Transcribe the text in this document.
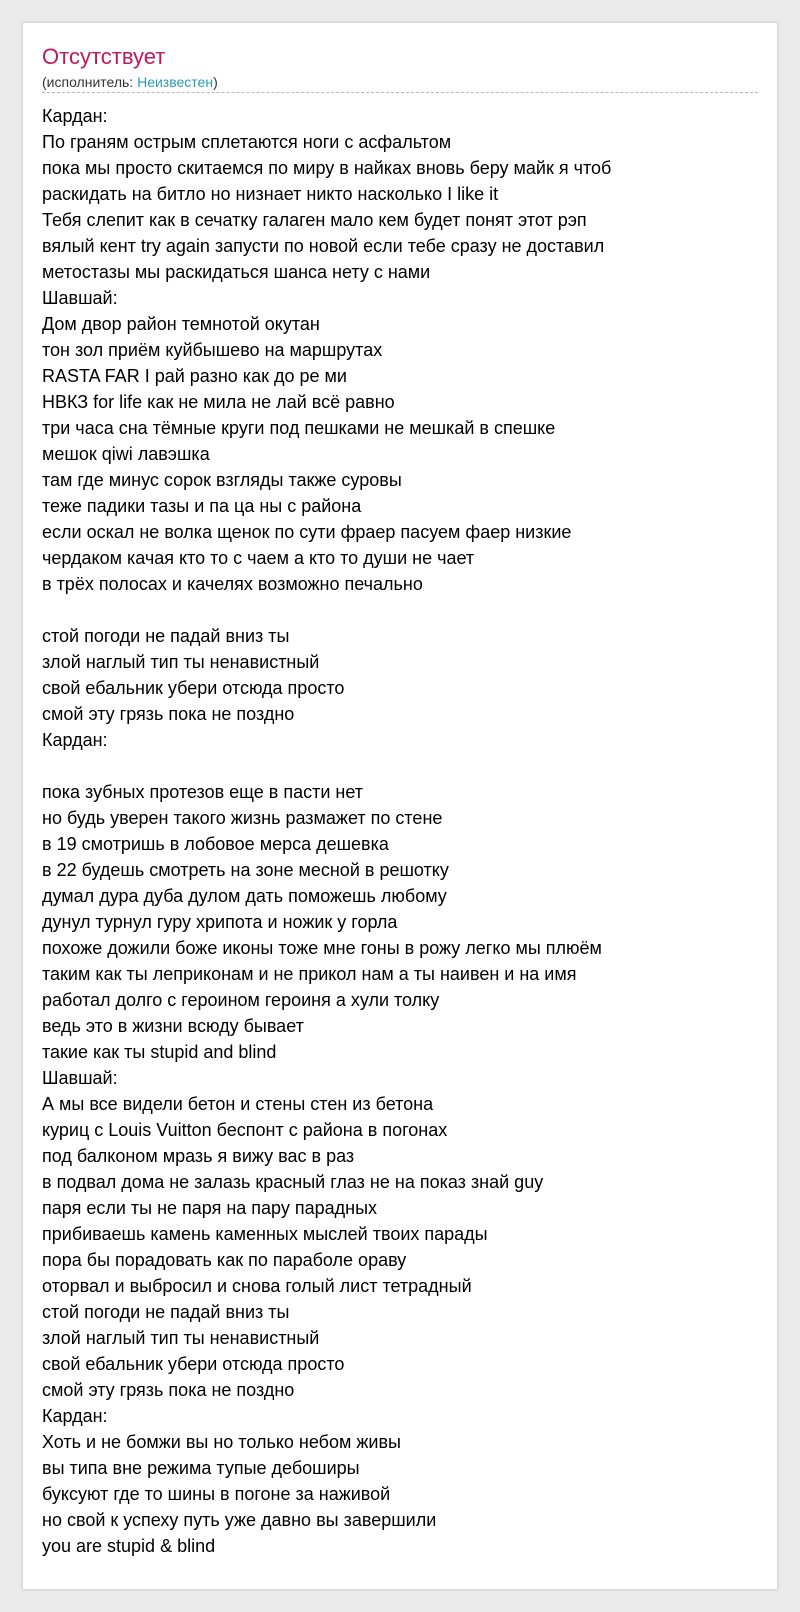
Отсутствует
(исполнитель: Неизвестен)
Кардан:
По граням острым сплетаются ноги с асфальтом
пока мы просто скитаемся по миру в найках вновь беру майк я чтоб
раскидать на битло но низнает никто насколько I like it
Тебя слепит как в сечатку галаген мало кем будет понят этот рэп
вялый кент try again запусти по новой если тебе сразу не доставил
метостазы мы раскидаться шанса нету с нами
Шавшай:
Дом двор район темнотой окутан
тон зол приём куйбышево на маршрутах
RASTA FAR I рай разно как до ре ми
НВКЗ for life как не мила не лай всё равно
три часа сна тёмные круги под пешками не мешкай в спешке
мешок qiwi лавэшка
там где минус сорок взгляды также суровы
теже падики тазы и па ца ны с района
если оскал не волка щенок по сути фраер пасуем фаер низкие
чердаком качая кто то с чаем а кто то души не чает
в трёх полосах и качелях возможно печально
стой погоди не падай вниз ты
злой наглый тип ты ненавистный
свой ебальник убери отсюда просто
смой эту грязь пока не поздно
Кардан:
пока зубных протезов еще в пасти нет
но будь уверен такого жизнь размажет по стене
в 19 смотришь в лобовое мерса дешевка
в 22 будешь смотреть на зоне месной в решотку
думал дура дуба дулом дать поможешь любому
дунул турнул гуру хрипота и ножик у горла
похоже дожили боже иконы тоже мне гоны в рожу легко мы плюём
таким как ты леприконам и не прикол нам а ты наивен и на имя
работал долго с героином героиня а хули толку
ведь это в жизни всюду бывает
такие как ты stupid and blind
Шавшай:
А мы все видели бетон и стены стен из бетона
куриц с Louis Vuitton беспонт с района в погонах
под балконом мразь я вижу вас в раз
в подвал дома не залазь красный глаз не на показ знай guy
паря если ты не паря на пару парадных
прибиваешь камень каменных мыслей твоих парады
пора бы порадовать как по параболе ораву
оторвал и выбросил и снова голый лист тетрадный
стой погоди не падай вниз ты
злой наглый тип ты ненавистный
свой ебальник убери отсюда просто
смой эту грязь пока не поздно
Кардан:
Хоть и не бомжи вы но только небом живы
вы типа вне режима тупые дебоширы
буксуют где то шины в погоне за наживой
но свой к успеху путь уже давно вы завершили
you are stupid & blind
